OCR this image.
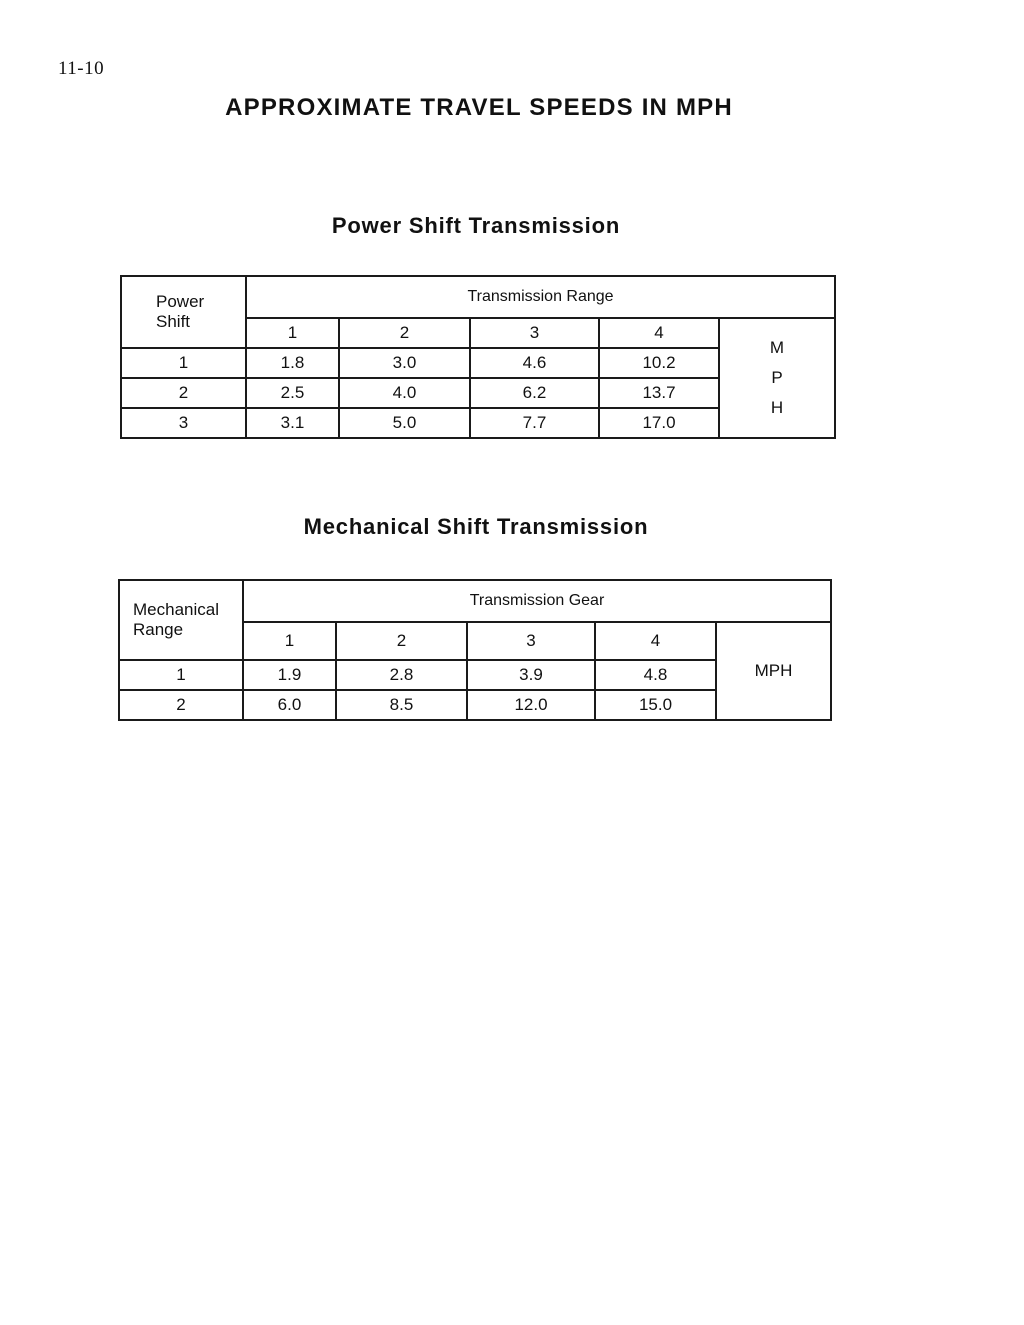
11-10
APPROXIMATE TRAVEL SPEEDS IN MPH
Power Shift Transmission
Power
Shift	Transmission Range				
	1	2	3	4	M
P
H

1	1.8	3.0	4.6	10.2	
2	2.5	4.0	6.2	13.7	
3	3.1	5.0	7.7	17.0	
Mechanical Shift Transmission
Mechanical
Range	Transmission Gear				
	1	2	3	4	MPH
1	1.9	2.8	3.9	4.8	
2	6.0	8.5	12.0	15.0	
